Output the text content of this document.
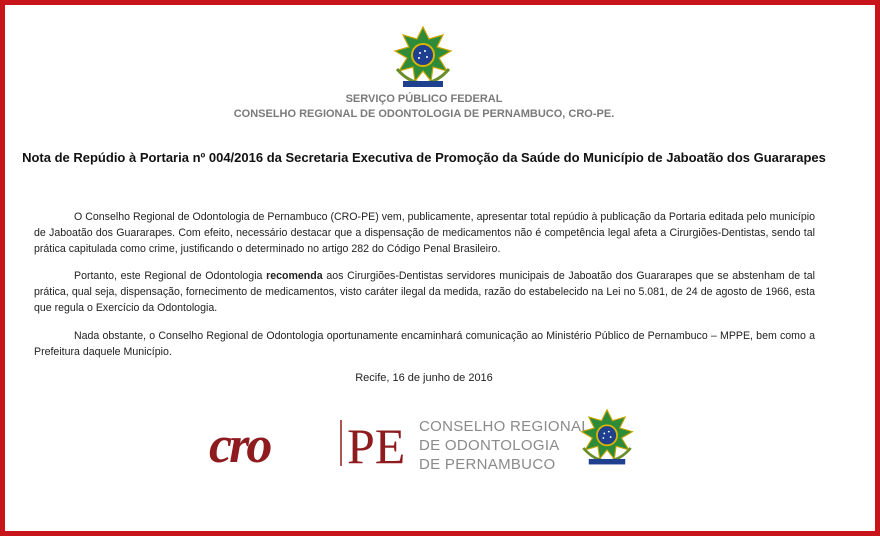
SERVIÇO PÚBLICO FEDERAL
CONSELHO REGIONAL DE ODONTOLOGIA DE PERNAMBUCO, CRO-PE.
Nota de Repúdio à Portaria nº 004/2016 da Secretaria Executiva de Promoção da Saúde do Município de Jaboatão dos Guararapes
O Conselho Regional de Odontologia de Pernambuco (CRO-PE) vem, publicamente, apresentar total repúdio à publicação da Portaria editada pelo município de Jaboatão dos Guararapes. Com efeito, necessário destacar que a dispensação de medicamentos não é competência legal afeta a Cirurgiões-Dentistas, sendo tal prática capitulada como crime, justificando o determinado no artigo 282 do Código Penal Brasileiro.
Portanto, este Regional de Odontologia recomenda aos Cirurgiões-Dentistas servidores municipais de Jaboatão dos Guararapes que se abstenham de tal prática, qual seja, dispensação, fornecimento de medicamentos, visto caráter ilegal da medida, razão do estabelecido na Lei no 5.081, de 24 de agosto de 1966, esta que regula o Exercício da Odontologia.
Nada obstante, o Conselho Regional de Odontologia oportunamente encaminhará comunicação ao Ministério Público de Pernambuco – MPPE, bem como a Prefeitura daquele Município.
Recife, 16 de junho de 2016
cro PE CONSELHO REGIONAL
DE ODONTOLOGIA
DE PERNAMBUCO
